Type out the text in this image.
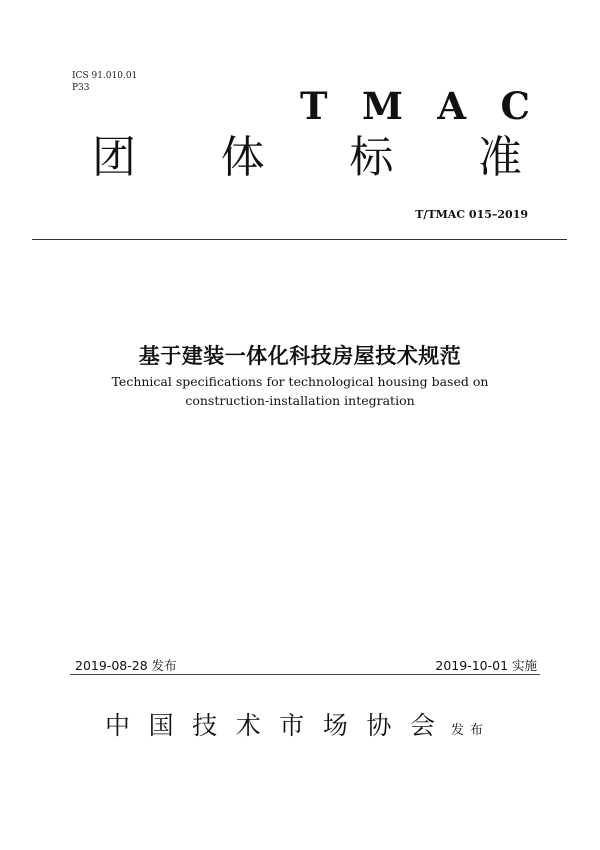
ICS 91.010.01
P33	T M A C
团 体 标 准
T/TMAC 015–2019
基于建装一体化科技房屋技术规范
Technical specifications for technological housing based on
construction-installation integration
2019-08-28 发布	2019-10-01 实施
中 国 技 术 市 场 协 会 发布
